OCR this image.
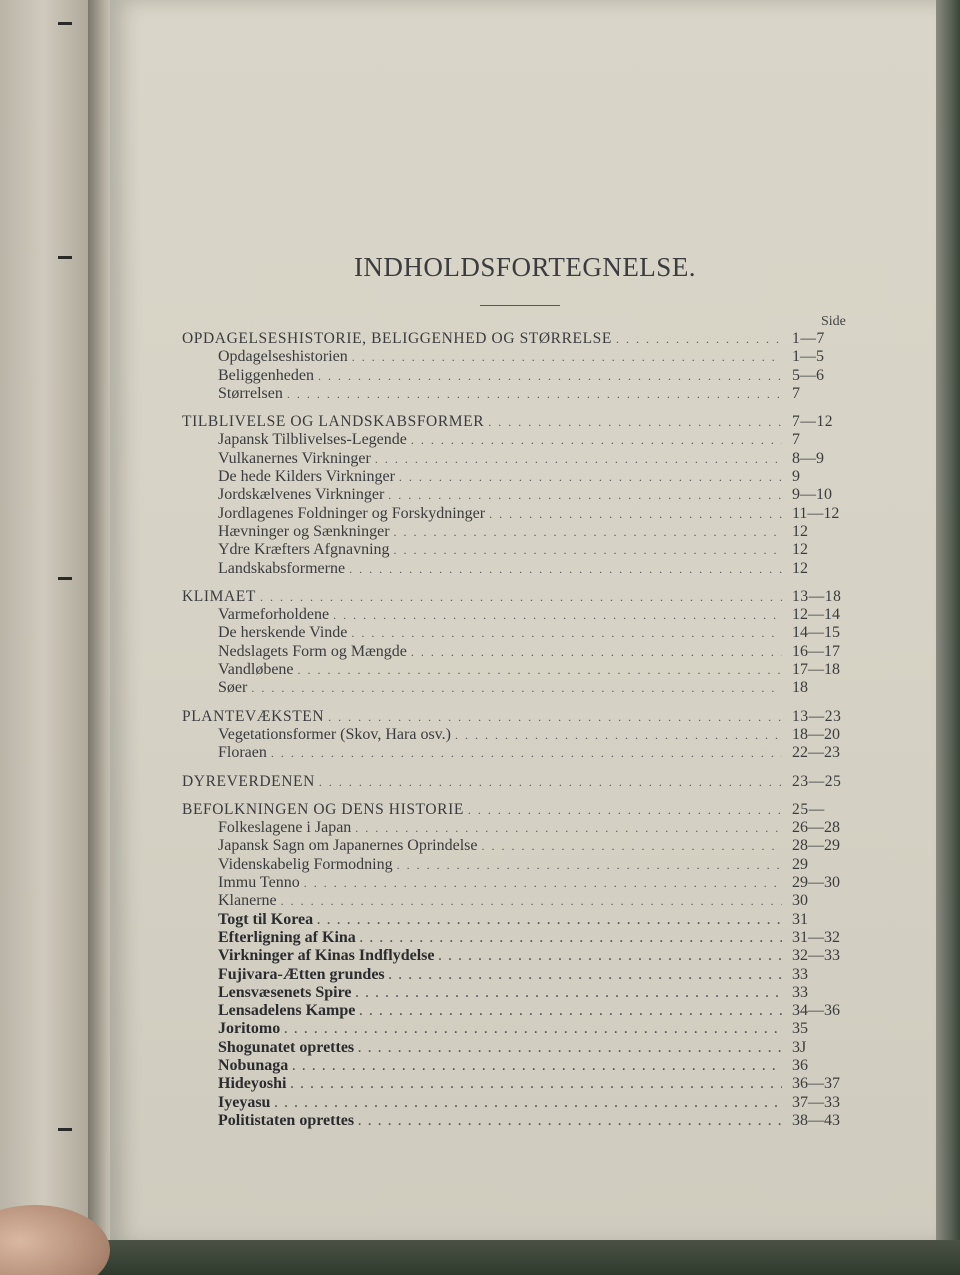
INDHOLDSFORTEGNELSE.
Side
OPDAGELSESHISTORIE, BELIGGENHED OG STØRRELSE . . .	1—7
Opdagelseshistorien . . .	1—5
Beliggenheden . . .	5—6
Størrelsen . . .	7
TILBLIVELSE OG LANDSKABSFORMER . . .	7—12
Japansk Tilblivelses-Legende . . .	7
Vulkanernes Virkninger . . .	8—9
De hede Kilders Virkninger . . .	9
Jordskælvenes Virkninger . . .	9—10
Jordlagenes Foldninger og Forskydninger . . .	11—12
Hævninger og Sænkninger . . .	12
Ydre Kræfters Afgnavning . . .	12
Landskabsformerne . . .	12
KLIMAET . . .	13—18
Varmeforholdene . . .	12—14
De herskende Vinde . . .	14—15
Nedslagets Form og Mængde . . .	16—17
Vandløbene . . .	17—18
Søer . . .	18
PLANTEVÆKSTEN . . .	13—23
Vegetationsformer (Skov, Hara osv.) . . .	18—20
Floraen . . .	22—23
DYREVERDENEN . . .	23—25
BEFOLKNINGEN OG DENS HISTORIE . . .	25—
Folkeslagene i Japan . . .	26—28
Japansk Sagn om Japanernes Oprindelse . . .	28—29
Videnskabelig Formodning . . .	29
Immu Tenno . . .	29—30
Klanerne . . .	30
Togt til Korea . . .	31
Efterligning af Kina . . .	31—32
Virkninger af Kinas Indflydelse . . .	32—33
Fujivara-Ætten grundes . . .	33
Lensvæsenets Spire . . .	33
Lensadelens Kampe . . .	34—36
Joritomo . . .	35
Shogunatet oprettes . . .	3J
Nobunaga . . .	36
Hideyoshi . . .	36—37
Iyeyasu . . .	37—33
Politistaten oprettes . . .	38—43
